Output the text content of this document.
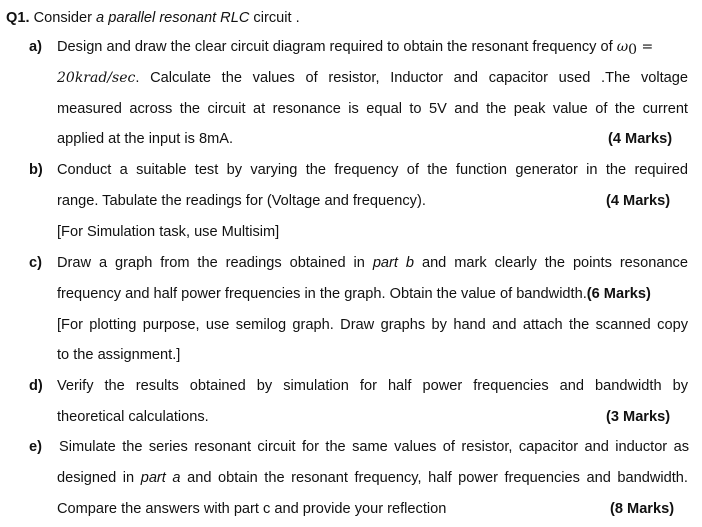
Q1. Consider a parallel resonant RLC circuit .
a) Design and draw the clear circuit diagram required to obtain the resonant frequency of $\omega_0$ =
20krad/sec. Calculate the values of resistor, Inductor and capacitor used .The voltage
measured across the circuit at resonance is equal to 5V and the peak value of the current
applied at the input is 8mA.	(4 Marks)
b) Conduct a suitable test by varying the frequency of the function generator in the required
range. Tabulate the readings for (Voltage and frequency).	(4 Marks)
[For Simulation task, use Multisim]
c) Draw a graph from the readings obtained in part b and mark clearly the points resonance
frequency and half power frequencies in the graph. Obtain the value of bandwidth.(6 Marks)
[For plotting purpose, use semilog graph. Draw graphs by hand and attach the scanned copy
to the assignment.]
d) Verify the results obtained by simulation for half power frequencies and bandwidth by
theoretical calculations.	(3 Marks)
e) Simulate the series resonant circuit for the same values of resistor, capacitor and inductor as
designed in part a and obtain the resonant frequency, half power frequencies and bandwidth.
Compare the answers with part c and provide your reflection	(8 Marks)
